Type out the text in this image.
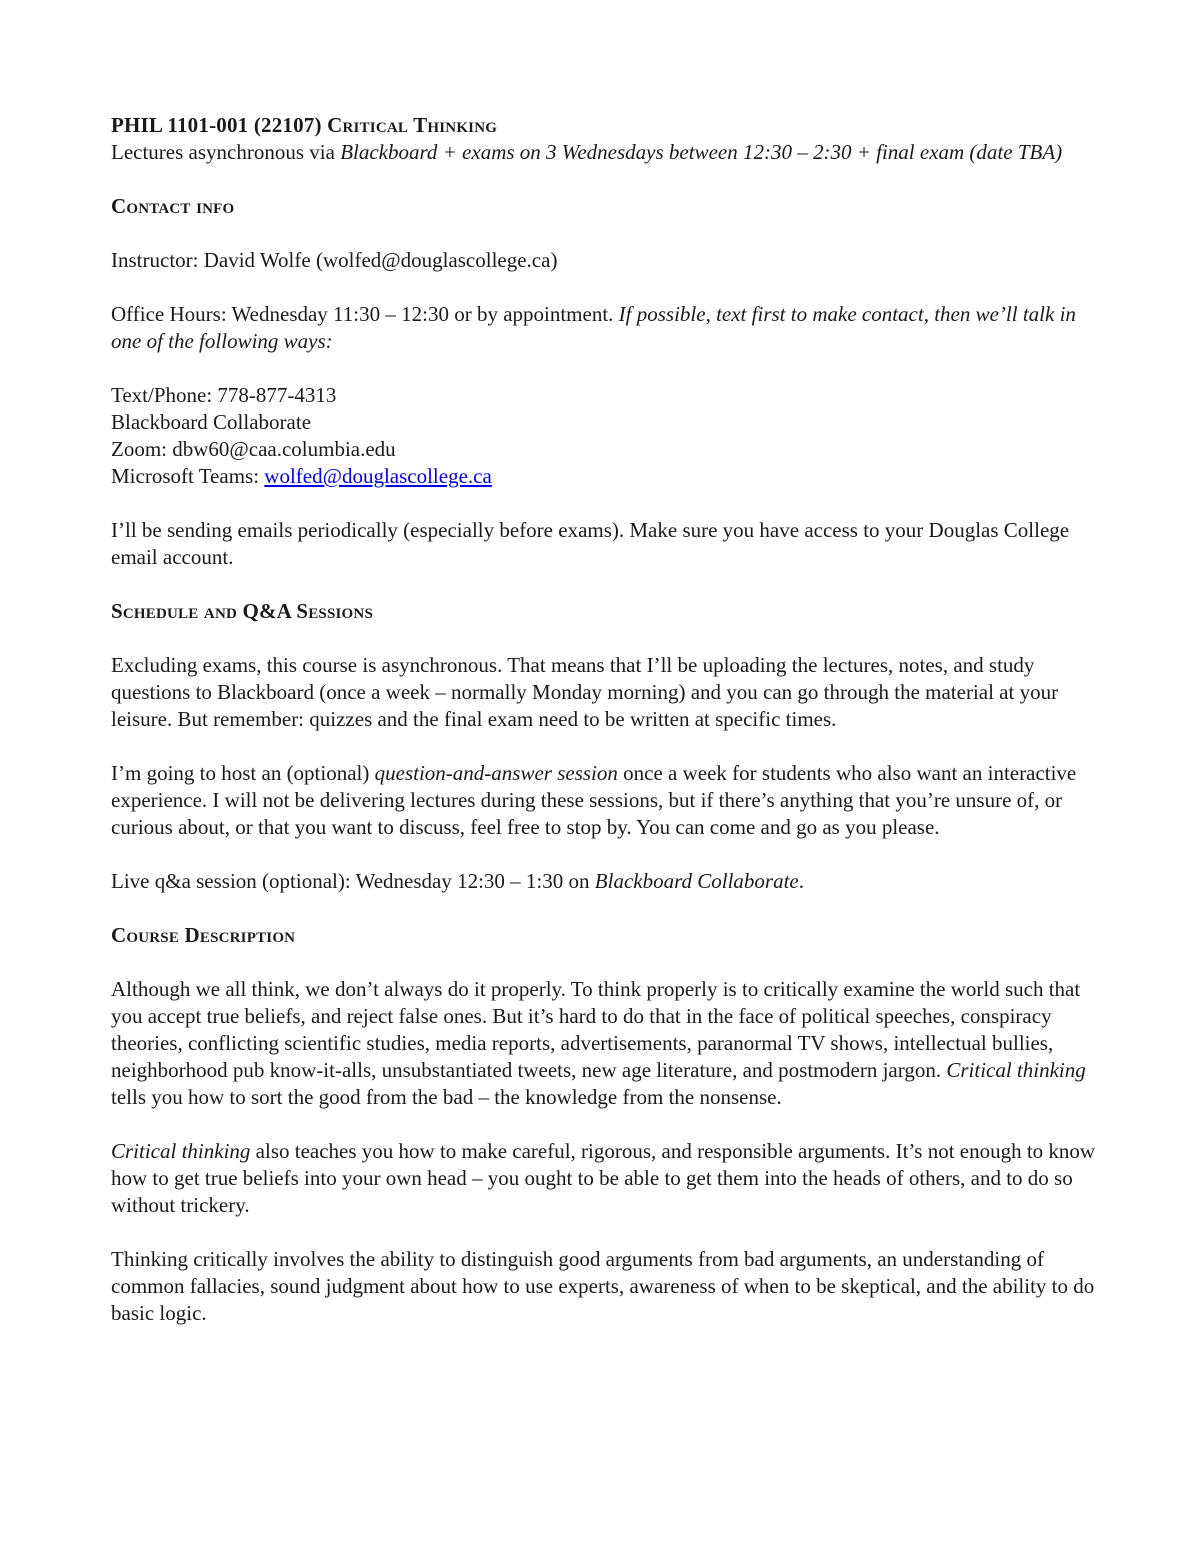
PHIL 1101-001 (22107) Critical Thinking

Lectures asynchronous via Blackboard + exams on 3 Wednesdays between 12:30 – 2:30 + final exam (date TBA)

Contact info

Instructor: David Wolfe (wolfed@douglascollege.ca)

Office Hours: Wednesday 11:30 – 12:30 or by appointment. If possible, text first to make contact, then we’ll talk in one of the following ways:

Text/Phone: 778-877-4313

Blackboard Collaborate

Zoom: dbw60@caa.columbia.edu

Microsoft Teams: wolfed@douglascollege.ca

I’ll be sending emails periodically (especially before exams). Make sure you have access to your Douglas College email account.

Schedule and Q&A Sessions

Excluding exams, this course is asynchronous. That means that I’ll be uploading the lectures, notes, and study questions to Blackboard (once a week – normally Monday morning) and you can go through the material at your leisure. But remember: quizzes and the final exam need to be written at specific times.

I’m going to host an (optional) question-and-answer session once a week for students who also want an interactive experience. I will not be delivering lectures during these sessions, but if there’s anything that you’re unsure of, or curious about, or that you want to discuss, feel free to stop by. You can come and go as you please.

Live q&a session (optional): Wednesday 12:30 – 1:30 on Blackboard Collaborate.

Course Description

Although we all think, we don’t always do it properly. To think properly is to critically examine the world such that you accept true beliefs, and reject false ones. But it’s hard to do that in the face of political speeches, conspiracy theories, conflicting scientific studies, media reports, advertisements, paranormal TV shows, intellectual bullies, neighborhood pub know-it-alls, unsubstantiated tweets, new age literature, and postmodern jargon. Critical thinking tells you how to sort the good from the bad – the knowledge from the nonsense.

Critical thinking also teaches you how to make careful, rigorous, and responsible arguments. It’s not enough to know how to get true beliefs into your own head – you ought to be able to get them into the heads of others, and to do so without trickery.

Thinking critically involves the ability to distinguish good arguments from bad arguments, an understanding of common fallacies, sound judgment about how to use experts, awareness of when to be skeptical, and the ability to do basic logic.
